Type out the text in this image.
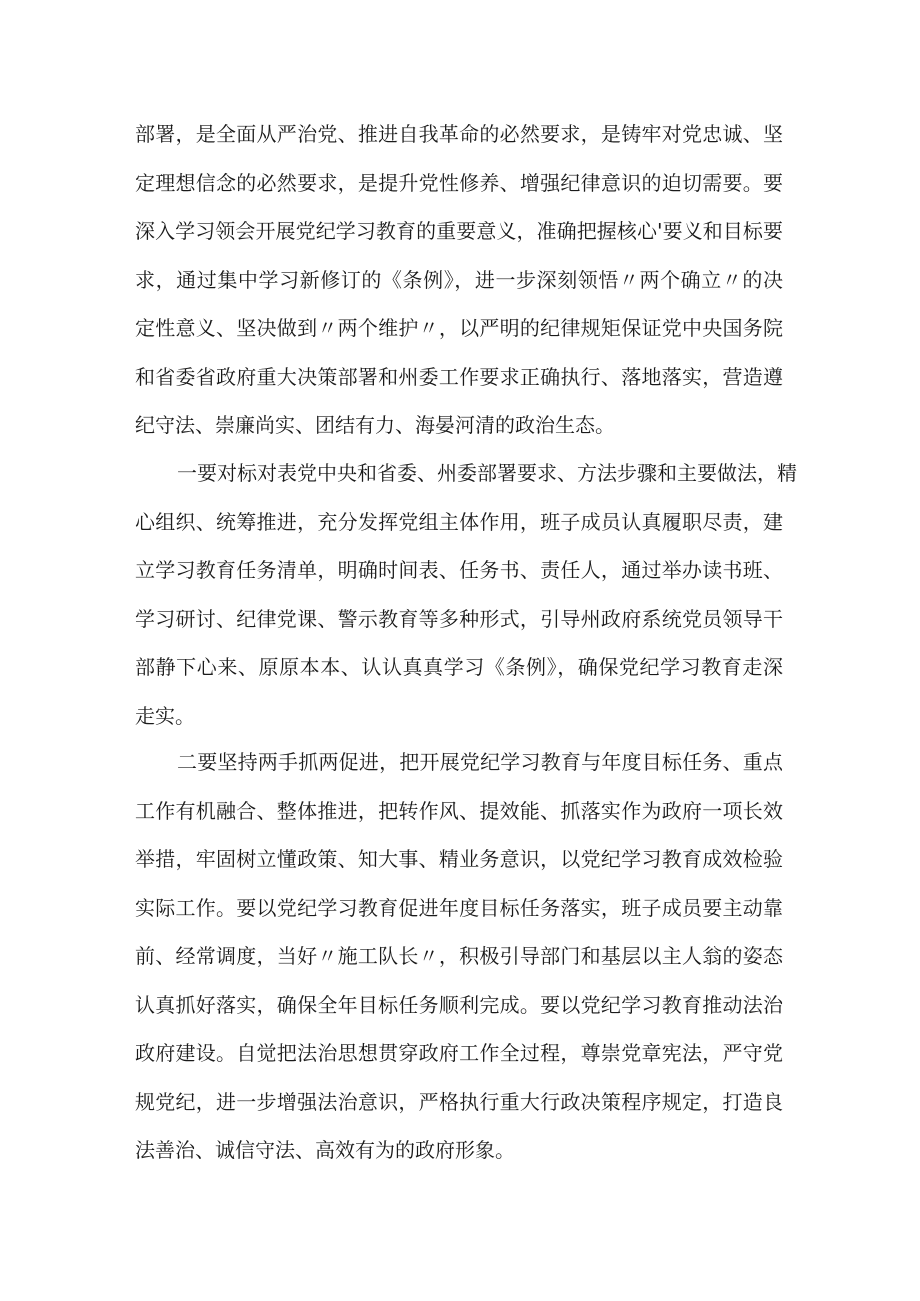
部署，是全面从严治党、推进自我革命的必然要求，是铸牢对党忠诚、坚
定理想信念的必然要求，是提升党性修养、增强纪律意识的迫切需要。要
深入学习领会开展党纪学习教育的重要意义，准确把握核心'要义和目标要
求，通过集中学习新修订的《条例》，进一步深刻领悟〃两个确立〃的决
定性意义、坚决做到〃两个维护〃，以严明的纪律规矩保证党中央国务院
和省委省政府重大决策部署和州委工作要求正确执行、落地落实，营造遵
纪守法、崇廉尚实、团结有力、海晏河清的政治生态。
一要对标对表党中央和省委、州委部署要求、方法步骤和主要做法，精
心组织、统筹推进，充分发挥党组主体作用，班子成员认真履职尽责，建
立学习教育任务清单，明确时间表、任务书、责任人，通过举办读书班、
学习研讨、纪律党课、警示教育等多种形式，引导州政府系统党员领导干
部静下心来、原原本本、认认真真学习《条例》，确保党纪学习教育走深
走实。
二要坚持两手抓两促进，把开展党纪学习教育与年度目标任务、重点
工作有机融合、整体推进，把转作风、提效能、抓落实作为政府一项长效
举措，牢固树立懂政策、知大事、精业务意识，以党纪学习教育成效检验
实际工作。要以党纪学习教育促进年度目标任务落实，班子成员要主动靠
前、经常调度，当好〃施工队长〃，积极引导部门和基层以主人翁的姿态
认真抓好落实，确保全年目标任务顺利完成。要以党纪学习教育推动法治
政府建设。自觉把法治思想贯穿政府工作全过程，尊崇党章宪法，严守党
规党纪，进一步增强法治意识，严格执行重大行政决策程序规定，打造良
法善治、诚信守法、高效有为的政府形象。
